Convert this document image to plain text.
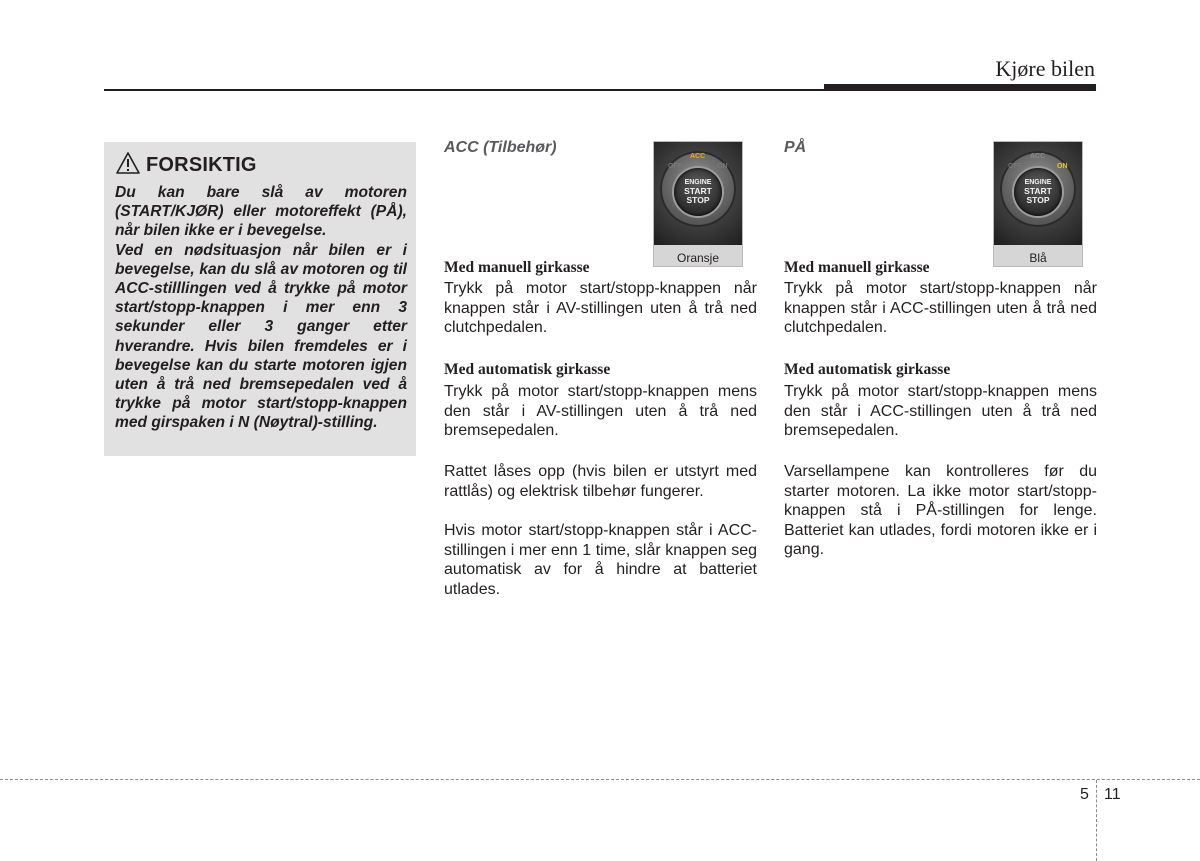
Kjøre bilen
FORSIKTIG

Du kan bare slå av motoren (START/KJØR) eller motoreffekt (PÅ), når bilen ikke er i bevegelse.

Ved en nødsituasjon når bilen er i bevegelse, kan du slå av motoren og til ACC-stilllingen ved å trykke på motor start/stopp-knappen i mer enn 3 sekunder eller 3 ganger etter hverandre. Hvis bilen fremdeles er i bevegelse kan du starte motoren igjen uten å trå ned bremsepedalen ved å trykke på motor start/stopp-knappen med girspaken i N (Nøytral)-stilling.

ACC (Tilbehør)
OFF
ACC
ON
ENGINE
START
STOP
Oransje
Med manuell girkasse

Trykk på motor start/stopp-knappen når knappen står i AV-stillingen uten å trå ned clutchpedalen.

Med automatisk girkasse

Trykk på motor start/stopp-knappen mens den står i AV-stillingen uten å trå ned bremsepedalen.

Rattet låses opp (hvis bilen er utstyrt med rattlås) og elektrisk tilbehør fungerer.

Hvis motor start/stopp-knappen står i ACC-stillingen i mer enn 1 time, slår knappen seg automatisk av for å hindre at batteriet utlades.

PÅ
OFF
ACC
ON
ENGINE
START
STOP
Blå
Med manuell girkasse

Trykk på motor start/stopp-knappen når knappen står i ACC-stillingen uten å trå ned clutchpedalen.

Med automatisk girkasse

Trykk på motor start/stopp-knappen mens den står i ACC-stillingen uten å trå ned bremsepedalen.

Varsellampene kan kontrolleres før du starter motoren. La ikke motor start/stopp-knappen stå i PÅ-stillingen for lenge. Batteriet kan utlades, fordi motoren ikke er i gang.

5 11
